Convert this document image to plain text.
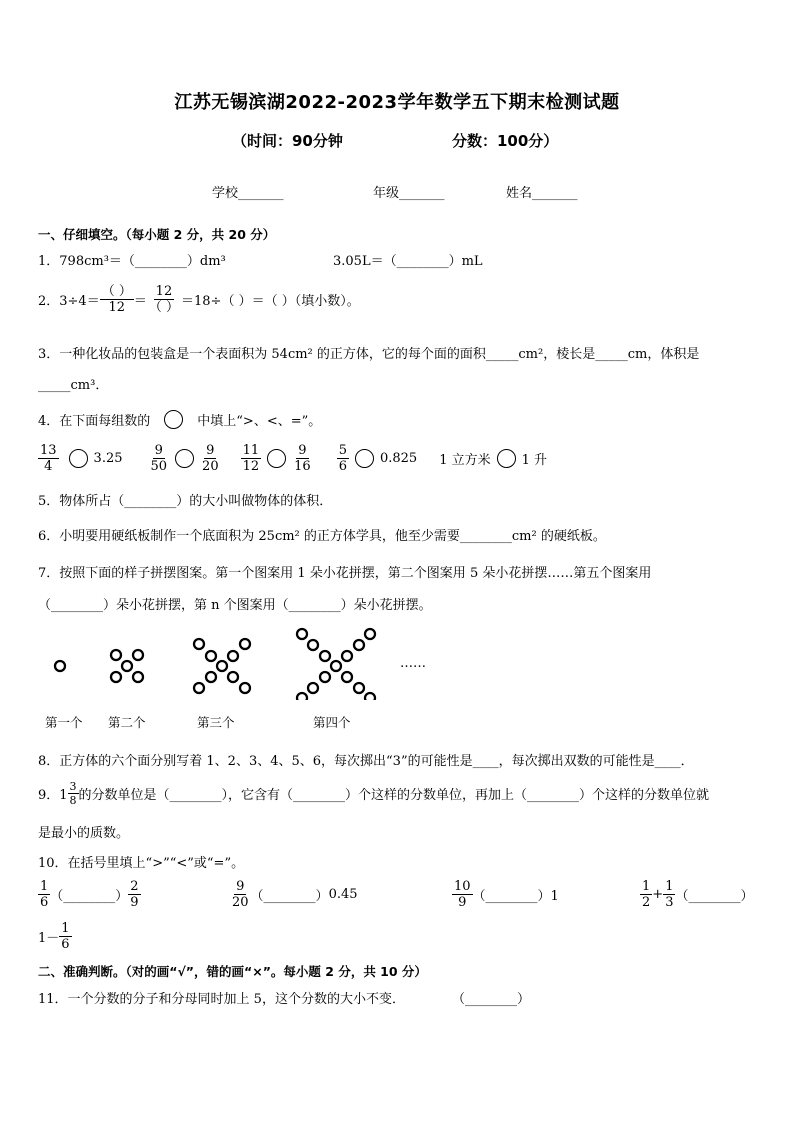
江苏无锡滨湖2022-2023学年数学五下期末检测试题
（时间：90分钟	分数：100分）
学校_______	年级_______	姓名_______
一、仔细填空。（每小题 2 分，共 20 分）
1．798cm³＝（________）dm³	3.05L＝（________）mL
2．$3\div 4= \frac{( )}{12} = \frac{12}{( )} =18\div$（ ）＝（ ）（填小数）。
3．一种化妆品的包装盒是一个表面积为 54cm² 的正方体，它的每个面的面积_____cm²，棱长是_____cm，体积是
_____cm³．
4．在下面每组数的	中填上“>、<、=”。
$\frac{13}{4}$	$3.25 \frac{9}{50} \frac{9}{20} \frac{11}{12} \frac{9}{16} \frac{5}{6} 0.825$ 1 立方米 1 升
5．物体所占（________）的大小叫做物体的体积．
6．小明要用硬纸板制作一个底面积为 25cm² 的正方体学具，他至少需要________cm² 的硬纸板。
7．按照下面的样子拼摆图案。第一个图案用 1 朵小花拼摆，第二个图案用 5 朵小花拼摆……第五个图案用
（________）朵小花拼摆，第 n 个图案用（________）朵小花拼摆。
……
第一个 第二个	第三个	第四个
8．正方体的六个面分别写着 1、2、3、4、5、6，每次掷出“3”的可能性是____，每次掷出双数的可能性是____．
9．$1 \frac{3}{8}$ 的分数单位是（________），它含有（________）个这样的分数单位，再加上（________）个这样的分数单位就
是最小的质数。
10．在括号里填上“>”“<”或“=”。
$\frac{1}{6}$ （________） $\frac{2}{9}$	$\frac{9}{20}$ （________） 0.45	$\frac{10}{9}$ （________）1	$\frac{1}{2} + \frac{1}{3}$ （________）
$1- \frac{1}{6}$
二、准确判断。（对的画“√”，错的画“×”。每小题 2 分，共 10 分）
11．一个分数的分子和分母同时加上 5，这个分数的大小不变．	（________）
